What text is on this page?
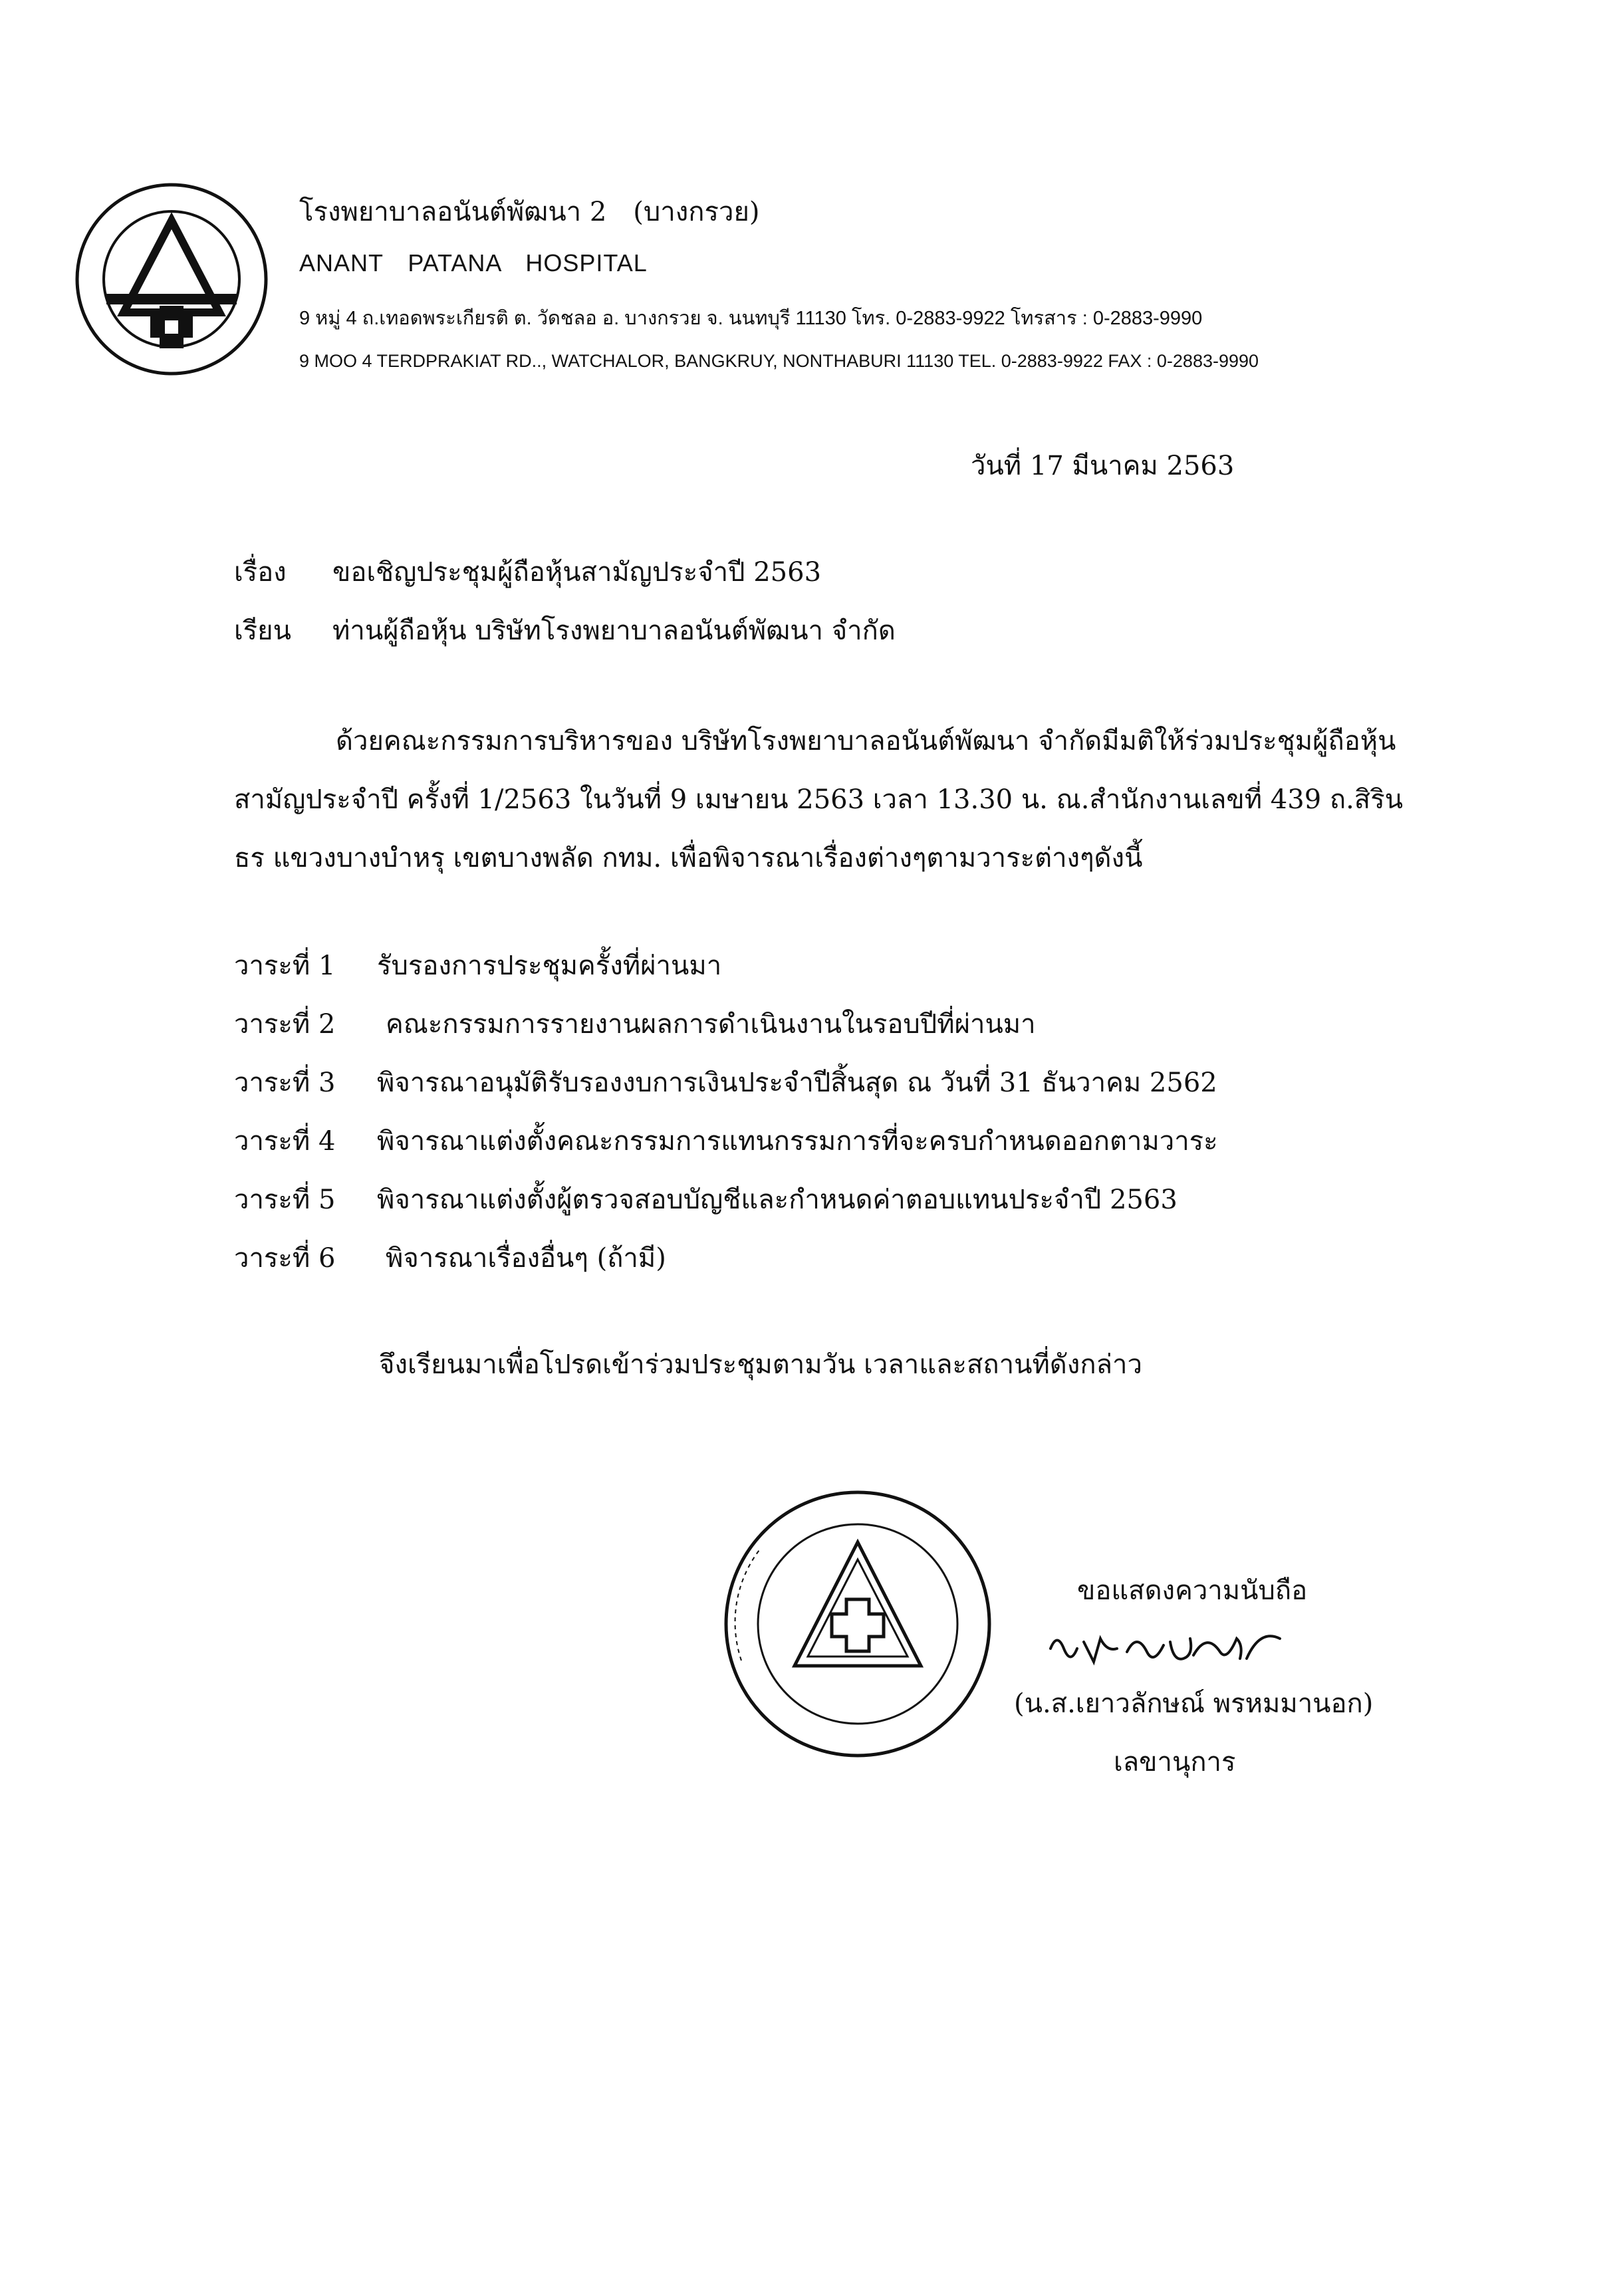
โรงพยาบาลอนันต์พัฒนา 2 (บางกรวย)
ANANT PATANA HOSPITAL
9 หมู่ 4 ถ.เทอดพระเกียรติ ต. วัดชลอ อ. บางกรวย จ. นนทบุรี 11130 โทร. 0-2883-9922 โทรสาร : 0-2883-9990
9 MOO 4 TERDPRAKIAT RD.., WATCHALOR, BANGKRUY, NONTHABURI 11130 TEL. 0-2883-9922 FAX : 0-2883-9990
วันที่ 17 มีนาคม 2563
เรื่อง ขอเชิญประชุมผู้ถือหุ้นสามัญประจำปี 2563
เรียน ท่านผู้ถือหุ้น บริษัทโรงพยาบาลอนันต์พัฒนา จำกัด
ด้วยคณะกรรมการบริหารของ บริษัทโรงพยาบาลอนันต์พัฒนา จำกัดมีมติให้ร่วมประชุมผู้ถือหุ้น
สามัญประจำปี ครั้งที่ 1/2563 ในวันที่ 9 เมษายน 2563 เวลา 13.30 น. ณ.สำนักงานเลขที่ 439 ถ.สิริน
ธร แขวงบางบำหรุ เขตบางพลัด กทม. เพื่อพิจารณาเรื่องต่างๆตามวาระต่างๆดังนี้
วาระที่ 1 รับรองการประชุมครั้งที่ผ่านมา
วาระที่ 2 คณะกรรมการรายงานผลการดำเนินงานในรอบปีที่ผ่านมา
วาระที่ 3 พิจารณาอนุมัติรับรองงบการเงินประจำปีสิ้นสุด ณ วันที่ 31 ธันวาคม 2562
วาระที่ 4 พิจารณาแต่งตั้งคณะกรรมการแทนกรรมการที่จะครบกำหนดออกตามวาระ
วาระที่ 5 พิจารณาแต่งตั้งผู้ตรวจสอบบัญชีและกำหนดค่าตอบแทนประจำปี 2563
วาระที่ 6 พิจารณาเรื่องอื่นๆ (ถ้ามี)
จึงเรียนมาเพื่อโปรดเข้าร่วมประชุมตามวัน เวลาและสถานที่ดังกล่าว
ขอแสดงความนับถือ
(น.ส.เยาวลักษณ์ พรหมมานอก)
เลขานุการ
